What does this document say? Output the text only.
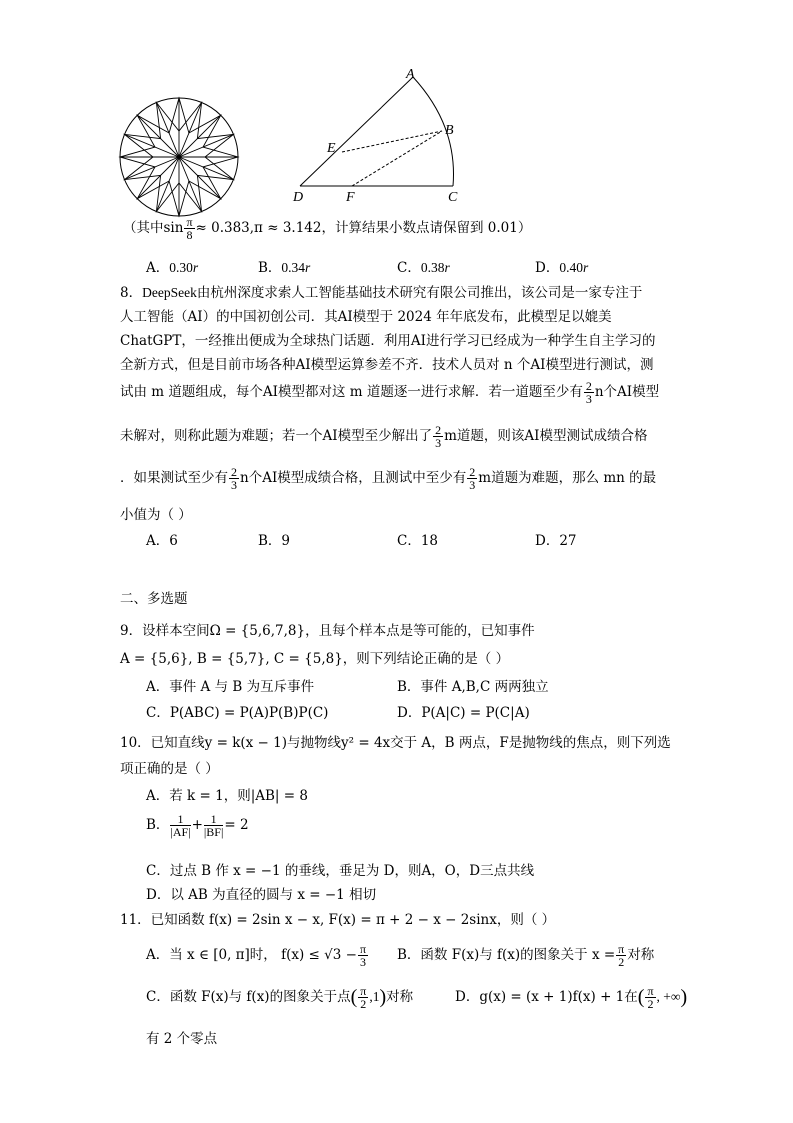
A
B
E
D	F	C
（其中$\sin \frac{\pi}{8} \approx 0.383,\pi \approx 3.142$，计算结果小数点请保留到 0.01）
A．0.30r	B．0.34r	C．0.38r	D．0.40r
8．DeepSeek由杭州深度求索人工智能基础技术研究有限公司推出，该公司是一家专注于
人工智能（AI）的中国初创公司．其AI模型于 2024 年年底发布，此模型足以媲美
ChatGPT，一经推出便成为全球热门话题．利用AI进行学习已经成为一种学生自主学习的
全新方式，但是目前市场各种AI模型运算参差不齐．技术人员对 n 个AI模型进行测试，测
试由 m 道题组成，每个AI模型都对这 m 道题逐一进行求解．若一道题至少有 $\frac{2}{3}$ n个AI模型
未解对，则称此题为难题；若一个AI模型至少解出了 $\frac{2}{3}$ m道题，则该AI模型测试成绩合格
．如果测试至少有 $\frac{2}{3}$ n个AI模型成绩合格，且测试中至少有 $\frac{2}{3}$ m道题为难题，那么 mn 的最
小值为（ ）
A．6	B．9	C．18	D．27
二、多选题
9．设样本空间Ω = {5,6,7,8}，且每个样本点是等可能的，已知事件
A = {5,6}, B = {5,7}, C = {5,8}，则下列结论正确的是（ ）
A．事件 A 与 B 为互斥事件	B．事件 A,B,C 两两独立
C．P(ABC) = P(A)P(B)P(C)	D．P(A|C) = P(C|A)
10．已知直线y = k(x − 1)与抛物线y² = 4x交于 A，B 两点，F是抛物线的焦点，则下列选
项正确的是（ ）
A．若 k = 1，则|AB| = 8
B． $\frac{1}{|AF|} + \frac{1}{|BF|} = 2$
C．过点 B 作 x = −1 的垂线，垂足为 D，则A，O，D三点共线
D．以 AB 为直径的圆与 x = −1 相切
11．已知函数 f(x) = 2sin x − x, F(x) = π + 2 − x − 2sinx，则（ ）
A．当 x ∈ [0, π]时， $f(x) \le √3 - \frac{\pi}{3}$ B．函数 F(x)与 f(x)的图象关于 $x = \frac{\pi}{2}$ 对称
C．函数 F(x)与 f(x)的图象关于点( $\frac{\pi}{2} ,1$)对称	D．g(x) = (x + 1)f(x) + 1在( $\frac{\pi}{2}$ , +∞)
有 2 个零点
